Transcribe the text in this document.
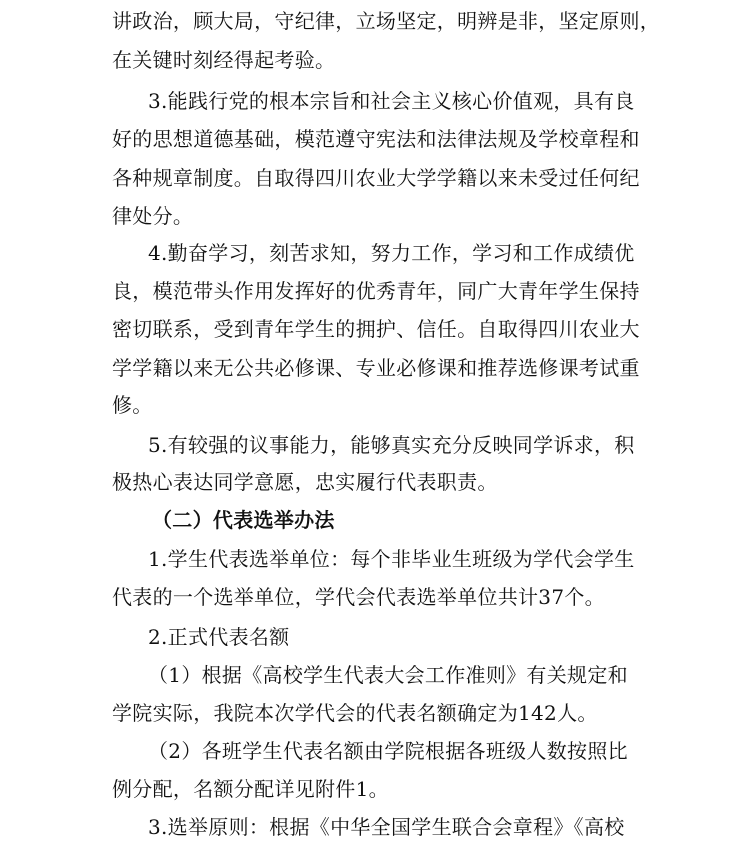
讲政治，顾大局，守纪律，立场坚定，明辨是非，坚定原则，
在关键时刻经得起考验。
3.能践行党的根本宗旨和社会主义核心价值观，具有良
好的思想道德基础，模范遵守宪法和法律法规及学校章程和
各种规章制度。自取得四川农业大学学籍以来未受过任何纪
律处分。
4.勤奋学习，刻苦求知，努力工作，学习和工作成绩优
良，模范带头作用发挥好的优秀青年，同广大青年学生保持
密切联系，受到青年学生的拥护、信任。自取得四川农业大
学学籍以来无公共必修课、专业必修课和推荐选修课考试重
修。
5.有较强的议事能力，能够真实充分反映同学诉求，积
极热心表达同学意愿，忠实履行代表职责。
（二）代表选举办法
1.学生代表选举单位：每个非毕业生班级为学代会学生
代表的一个选举单位，学代会代表选举单位共计37个。
2.正式代表名额
（1）根据《高校学生代表大会工作准则》有关规定和
学院实际，我院本次学代会的代表名额确定为142人。
（2）各班学生代表名额由学院根据各班级人数按照比
例分配，名额分配详见附件1。
3.选举原则：根据《中华全国学生联合会章程》《高校
